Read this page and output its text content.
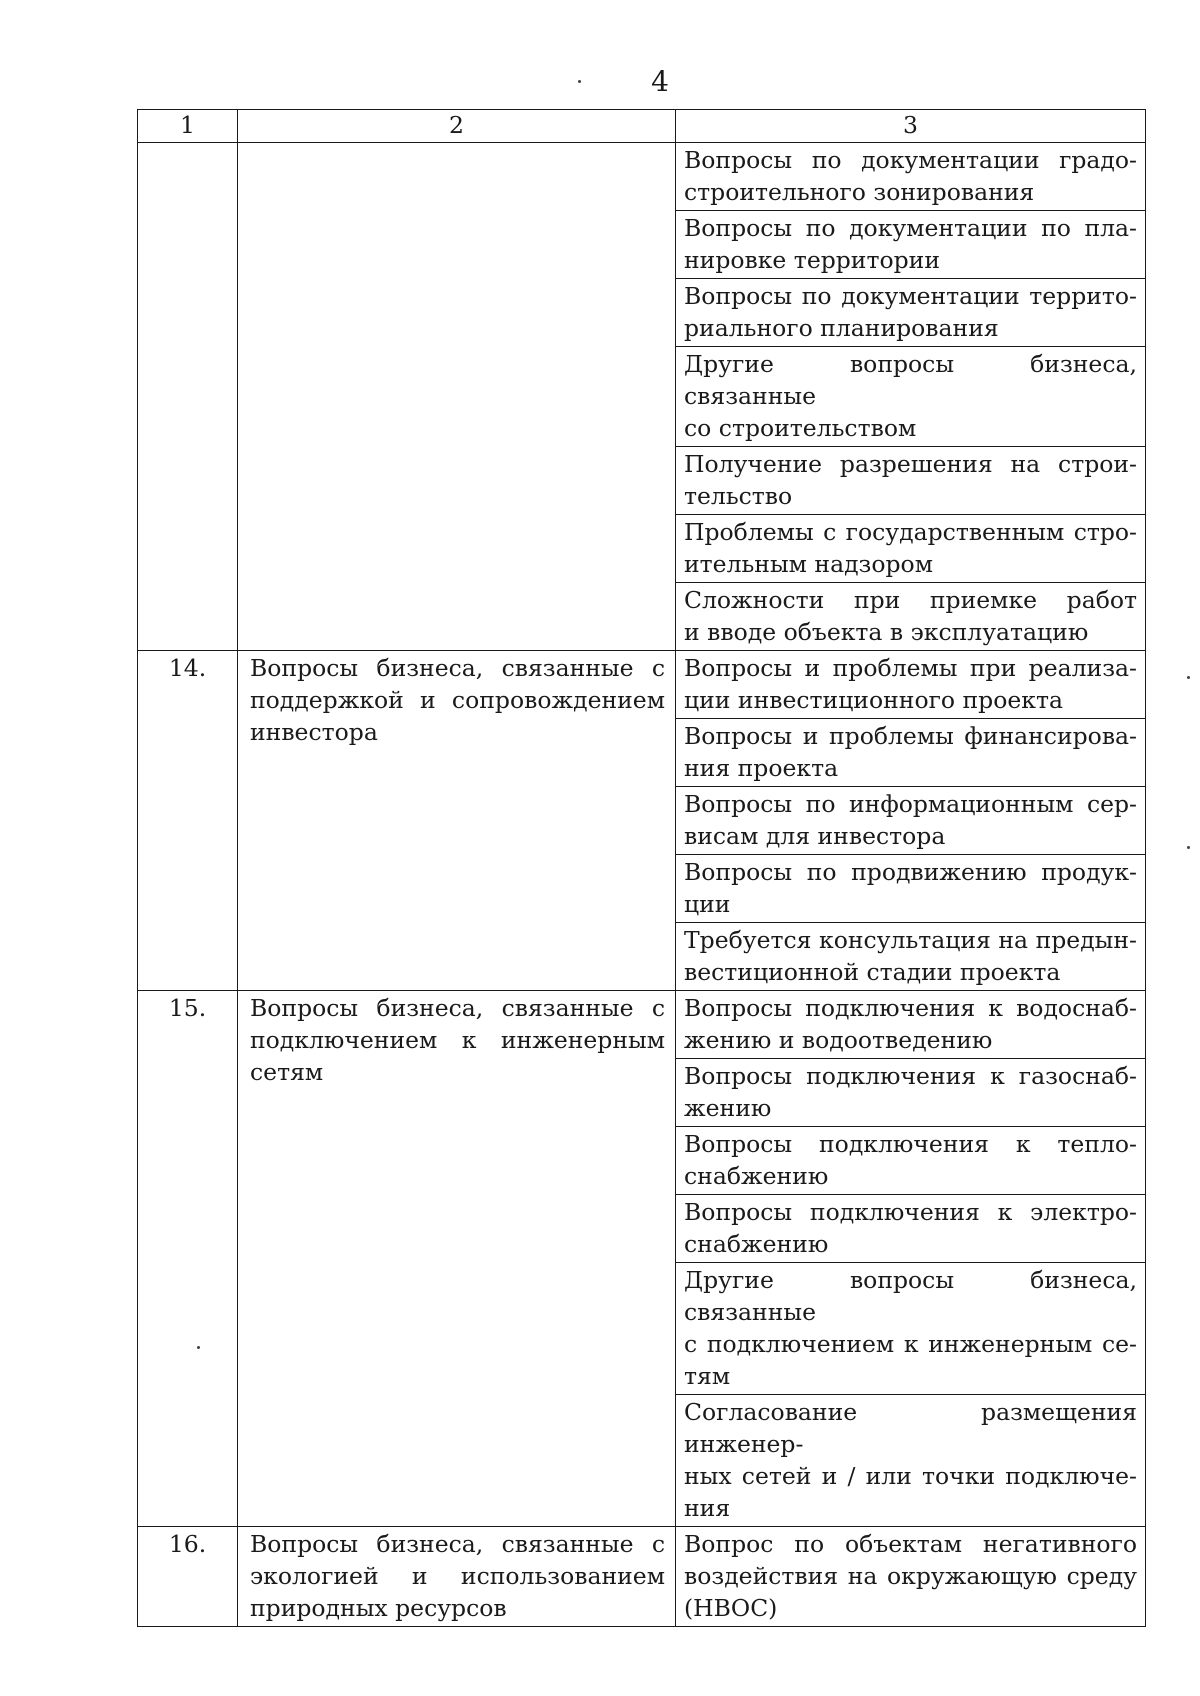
4
1	2	3

		Вопросы по документации градо-
строительного зонирования

		Вопросы по документации по пла-
нировке территории

		Вопросы по документации террито-
риального планирования

		Другие вопросы бизнеса, связанные
со строительством

		Получение разрешения на строи-
тельство

		Проблемы с государственным стро-
ительным надзором

		Сложности при приемке работ
и вводе объекта в эксплуатацию

14.	Вопросы бизнеса, связанные с поддержкой и сопровождением инвестора	Вопросы и проблемы при реализа-
ции инвестиционного проекта

		Вопросы и проблемы финансирова-
ния проекта

		Вопросы по информационным сер-
висам для инвестора

		Вопросы по продвижению продук-
ции

		Требуется консультация на предын-
вестиционной стадии проекта

15.	Вопросы бизнеса, связанные с подключением к инженерным сетям	Вопросы подключения к водоснаб-
жению и водоотведению

		Вопросы подключения к газоснаб-
жению

		Вопросы подключения к тепло-
снабжению

		Вопросы подключения к электро-
снабжению

		Другие вопросы бизнеса, связанные
с подключением к инженерным се-
тям

		Согласование размещения инженер-
ных сетей и / или точки подключе-
ния

16.	Вопросы бизнеса, связанные с экологией и использованием природных ресурсов	Вопрос по объектам негативного
воздействия на окружающую среду
(НВОС)
